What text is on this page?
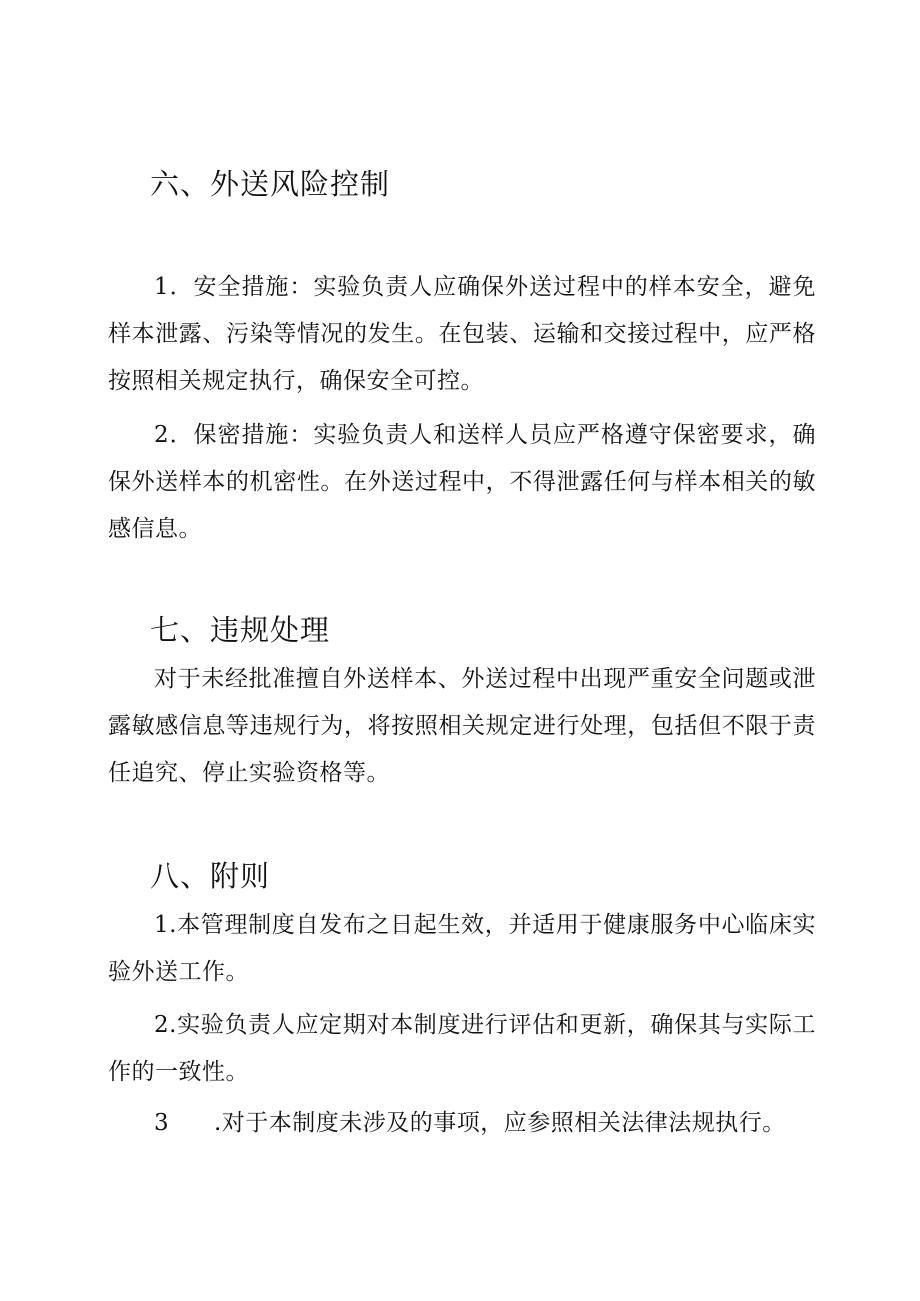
六、外送风险控制

1．安全措施：实验负责人应确保外送过程中的样本安全，避免样本泄露、污染等情况的发生。在包装、运输和交接过程中，应严格按照相关规定执行，确保安全可控。

2．保密措施：实验负责人和送样人员应严格遵守保密要求，确保外送样本的机密性。在外送过程中，不得泄露任何与样本相关的敏感信息。

七、违规处理

对于未经批准擅自外送样本、外送过程中出现严重安全问题或泄露敏感信息等违规行为，将按照相关规定进行处理，包括但不限于责任追究、停止实验资格等。

八、附则

1.本管理制度自发布之日起生效，并适用于健康服务中心临床实验外送工作。

2.实验负责人应定期对本制度进行评估和更新，确保其与实际工作的一致性。

3 .对于本制度未涉及的事项，应参照相关法律法规执行。
